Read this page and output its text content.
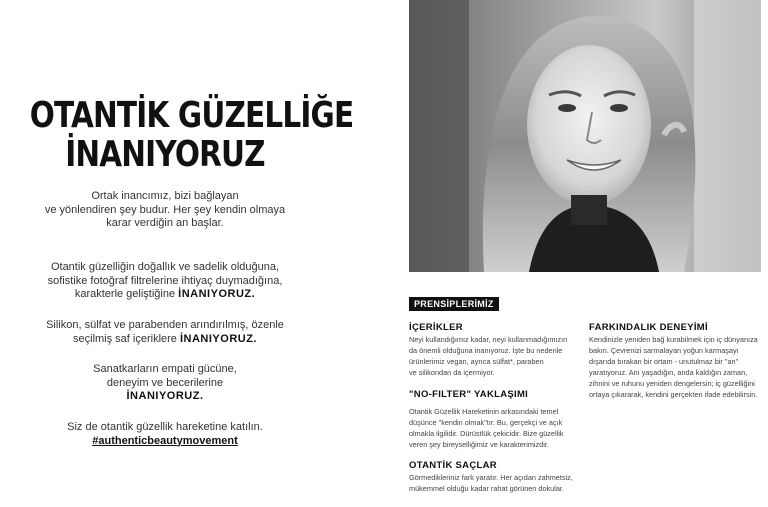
OTANTİK GÜZELLİĞE
İNANIYORUZ
Ortak inancımız, bizi bağlayan
ve yönlendiren şey budur. Her şey kendin olmaya
karar verdiğin an başlar.
Otantik güzelliğin doğallık ve sadelik olduğuna,
sofistike fotoğraf filtrelerine ihtiyaç duymadığına,
karakterle geliştiğine İNANIYORUZ.
Silikon, sülfat ve parabenden arındırılmış, özenle
seçilmiş saf içeriklere İNANIYORUZ.
Sanatkarların empati gücüne,
deneyim ve becerilerine
İNANIYORUZ.
Siz de otantik güzellik hareketine katılın.
#authenticbeautymovement
PRENSİPLERİMİZ
İÇERİKLER
Neyi kullandığımız kadar, neyi kullanmadığımızın
da önemli olduğuna inanıyoruz. İşte bu nedenle
ürünlerimiz vegan, ayrıca sülfat*, paraben
ve silikondan da içermiyor.
"NO-FILTER" YAKLAŞIMI
Otantik Güzellik Hareketinin arkasındaki temel
düşünce "kendin olmak"tır. Bu, gerçekçi ve açık
olmakla ilgilidir. Dürüstlük çekicidir. Bize güzellik
veren şey bireyselliğimiz ve karakterimizdir.
OTANTİK SAÇLAR
Görmedikleriniz fark yaratır. Her açıdan zahmetsiz,
mükemmel olduğu kadar rahat görünen dokular.
FARKINDALIK DENEYİMİ
Kendinizle yeniden bağ kurabilmek için iç dünyanıza
bakın. Çevrenizi sarmalayan yoğun karmaşayı
dışarıda bırakan bir ortam - unutulmaz bir "an"
yaratıyoruz. Anı yaşadığın, anda kaldığın zaman,
zihnini ve ruhunu yeniden dengelersin; iç güzelliğini
ortaya çıkararak, kendini gerçekten ifade edebilirsin.
